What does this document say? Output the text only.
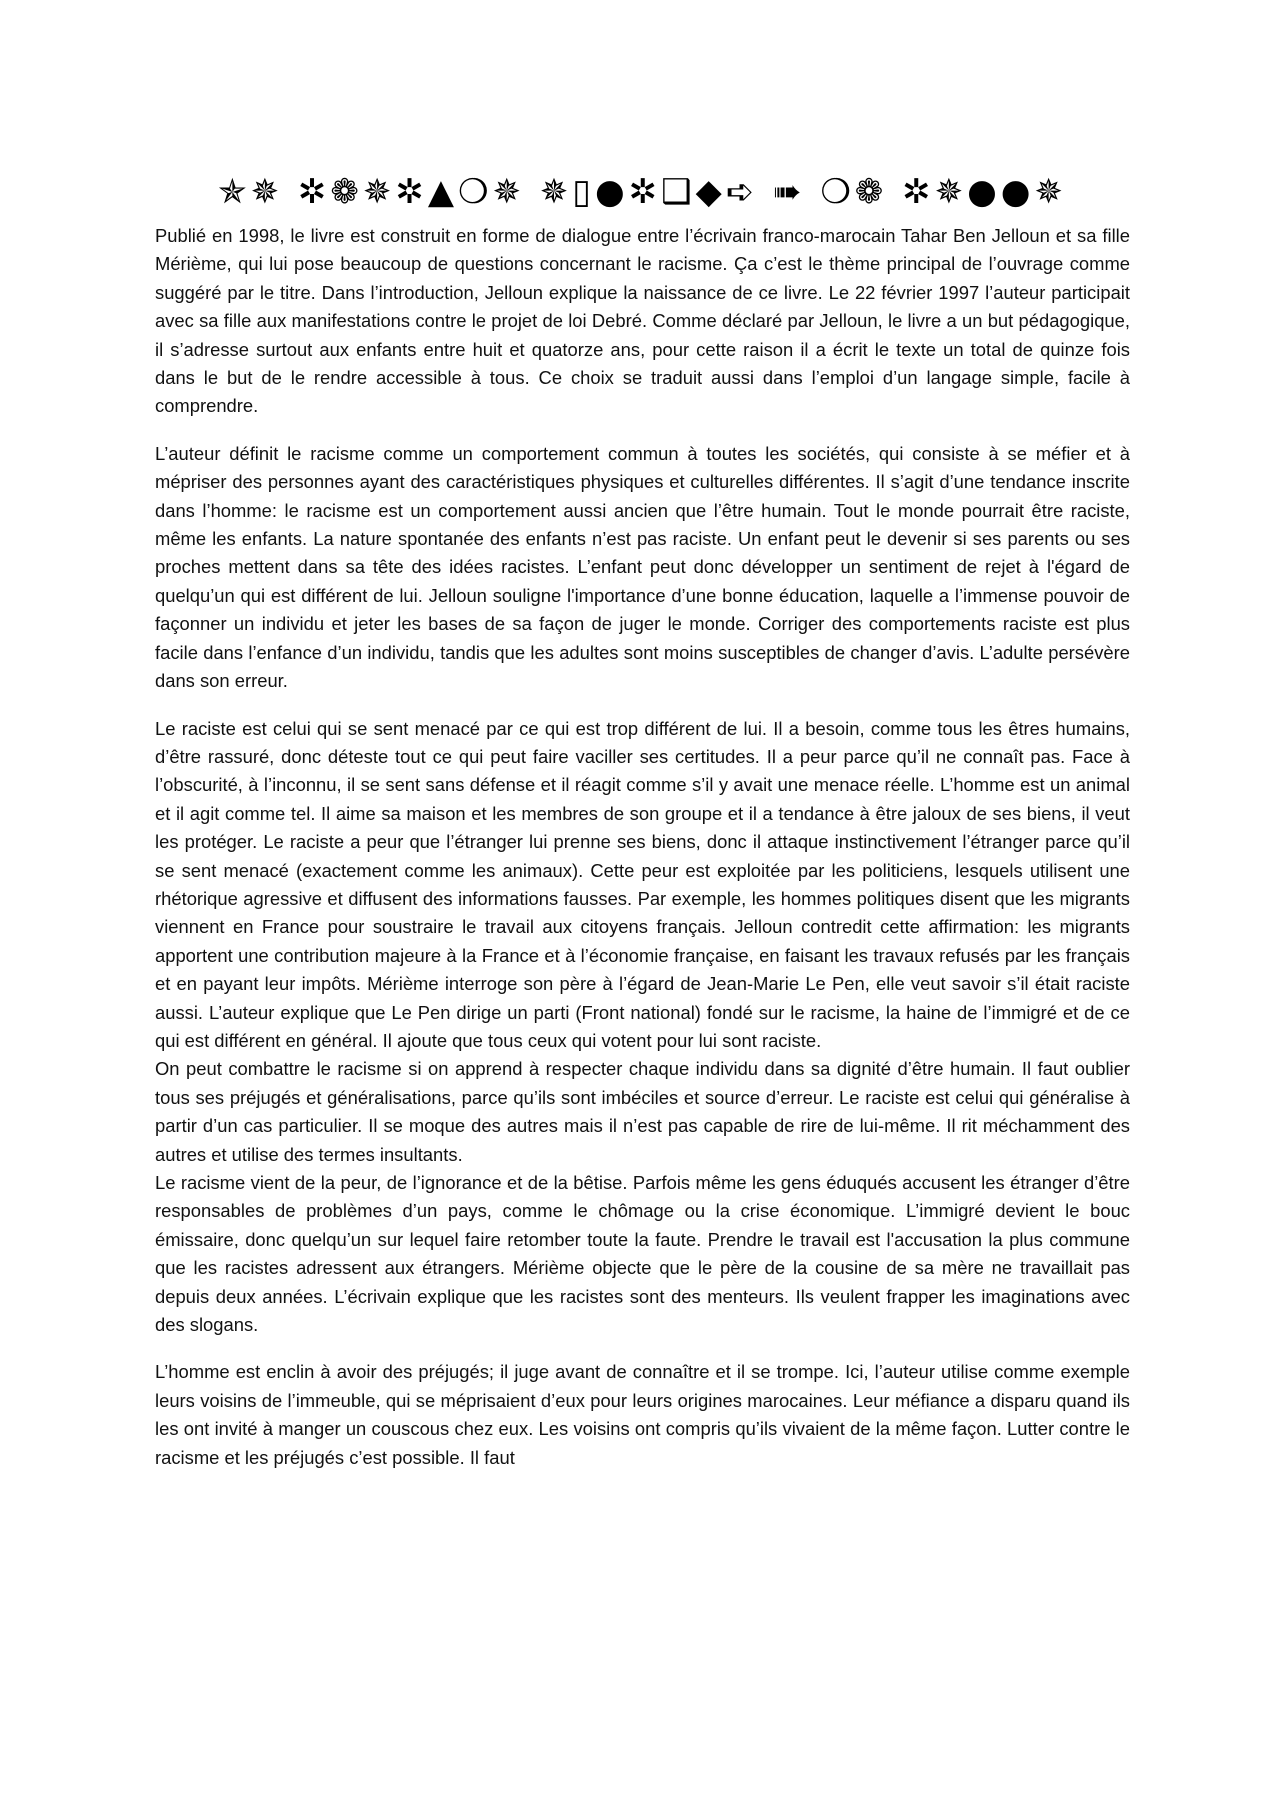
✯✵ ✲❁✵✲▲❍✵ ✵▯●✲❑◆➪ ➠ ❍❁ ✲✵●●✵

Publié en 1998, le livre est construit en forme de dialogue entre l’écrivain franco-marocain Tahar Ben Jelloun et sa fille Mérième, qui lui pose beaucoup de questions concernant le racisme. Ça c’est le thème principal de l’ouvrage comme suggéré par le titre. Dans l’introduction, Jelloun explique la naissance de ce livre. Le 22 février 1997 l’auteur participait avec sa fille aux manifestations contre le projet de loi Debré. Comme déclaré par Jelloun, le livre a un but pédagogique, il s’adresse surtout aux enfants entre huit et quatorze ans, pour cette raison il a écrit le texte un total de quinze fois dans le but de le rendre accessible à tous. Ce choix se traduit aussi dans l’emploi d’un langage simple, facile à comprendre.

L’auteur définit le racisme comme un comportement commun à toutes les sociétés, qui consiste à se méfier et à mépriser des personnes ayant des caractéristiques physiques et culturelles différentes. Il s’agit d’une tendance inscrite dans l’homme: le racisme est un comportement aussi ancien que l’être humain. Tout le monde pourrait être raciste, même les enfants. La nature spontanée des enfants n’est pas raciste. Un enfant peut le devenir si ses parents ou ses proches mettent dans sa tête des idées racistes. L’enfant peut donc développer un sentiment de rejet à l'égard de quelqu’un qui est différent de lui. Jelloun souligne l'importance d’une bonne éducation, laquelle a l’immense pouvoir de façonner un individu et jeter les bases de sa façon de juger le monde. Corriger des comportements raciste est plus facile dans l’enfance d’un individu, tandis que les adultes sont moins susceptibles de changer d’avis. L’adulte persévère dans son erreur.

Le raciste est celui qui se sent menacé par ce qui est trop différent de lui. Il a besoin, comme tous les êtres humains, d’être rassuré, donc déteste tout ce qui peut faire vaciller ses certitudes. Il a peur parce qu’il ne connaît pas. Face à l’obscurité, à l’inconnu, il se sent sans défense et il réagit comme s’il y avait une menace réelle. L’homme est un animal et il agit comme tel. Il aime sa maison et les membres de son groupe et il a tendance à être jaloux de ses biens, il veut les protéger. Le raciste a peur que l’étranger lui prenne ses biens, donc il attaque instinctivement l’étranger parce qu’il se sent menacé (exactement comme les animaux). Cette peur est exploitée par les politiciens, lesquels utilisent une rhétorique agressive et diffusent des informations fausses. Par exemple, les hommes politiques disent que les migrants viennent en France pour soustraire le travail aux citoyens français. Jelloun contredit cette affirmation: les migrants apportent une contribution majeure à la France et à l’économie française, en faisant les travaux refusés par les français et en payant leur impôts. Mérième interroge son père à l’égard de Jean-Marie Le Pen, elle veut savoir s’il était raciste aussi. L’auteur explique que Le Pen dirige un parti (Front national) fondé sur le racisme, la haine de l’immigré et de ce qui est différent en général. Il ajoute que tous ceux qui votent pour lui sont raciste.

On peut combattre le racisme si on apprend à respecter chaque individu dans sa dignité d’être humain. Il faut oublier tous ses préjugés et généralisations, parce qu’ils sont imbéciles et source d’erreur. Le raciste est celui qui généralise à partir d’un cas particulier. Il se moque des autres mais il n’est pas capable de rire de lui-même. Il rit méchamment des autres et utilise des termes insultants.

Le racisme vient de la peur, de l’ignorance et de la bêtise. Parfois même les gens éduqués accusent les étranger d’être responsables de problèmes d’un pays, comme le chômage ou la crise économique. L’immigré devient le bouc émissaire, donc quelqu’un sur lequel faire retomber toute la faute. Prendre le travail est l'accusation la plus commune que les racistes adressent aux étrangers. Mérième objecte que le père de la cousine de sa mère ne travaillait pas depuis deux années. L’écrivain explique que les racistes sont des menteurs. Ils veulent frapper les imaginations avec des slogans.

L’homme est enclin à avoir des préjugés; il juge avant de connaître et il se trompe. Ici, l’auteur utilise comme exemple leurs voisins de l’immeuble, qui se méprisaient d’eux pour leurs origines marocaines. Leur méfiance a disparu quand ils les ont invité à manger un couscous chez eux. Les voisins ont compris qu’ils vivaient de la même façon. Lutter contre le racisme et les préjugés c’est possible. Il faut
